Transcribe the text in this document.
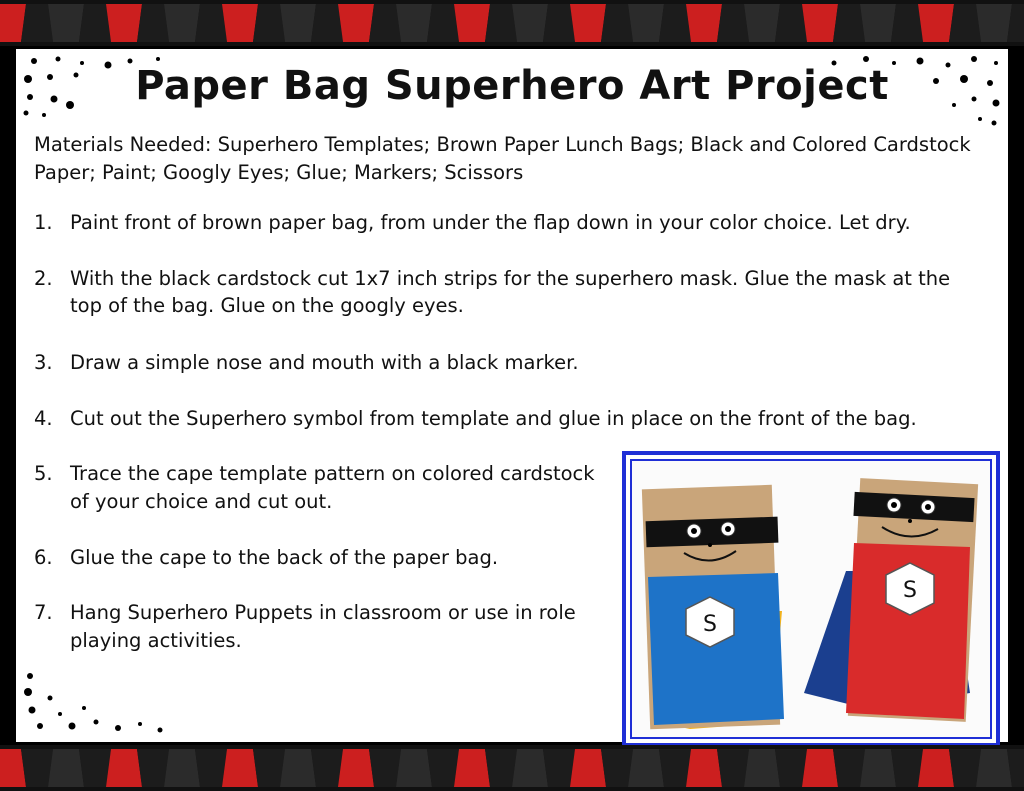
Paper Bag Superhero Art Project
Materials Needed: Superhero Templates; Brown Paper Lunch Bags; Black and Colored Cardstock
Paper; Paint; Googly Eyes; Glue; Markers; Scissors
1. Paint front of brown paper bag, from under the flap down in your color choice. Let dry.
2. With the black cardstock cut 1x7 inch strips for the superhero mask. Glue the mask at the
top of the bag. Glue on the googly eyes.
3. Draw a simple nose and mouth with a black marker.
4. Cut out the Superhero symbol from template and glue in place on the front of the bag.
5. Trace the cape template pattern on colored cardstock
of your choice and cut out.
6. Glue the cape to the back of the paper bag.
7. Hang Superhero Puppets in classroom or use in role
playing activities.
S
S
